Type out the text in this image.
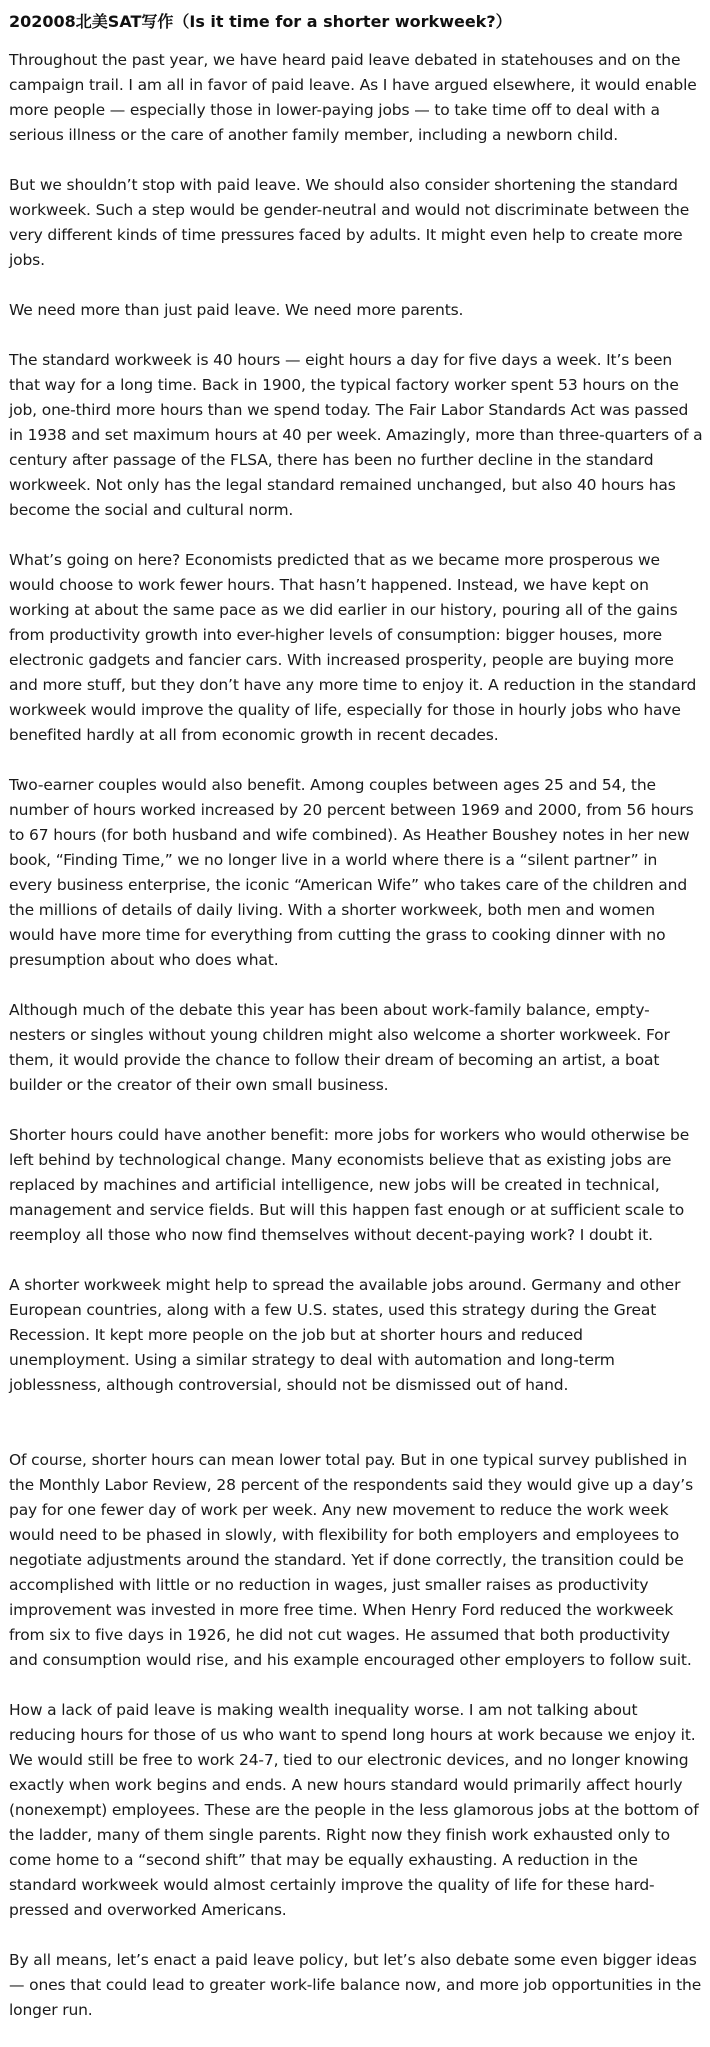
202008北美SAT写作（Is it time for a shorter workweek?）

Throughout the past year, we have heard paid leave debated in statehouses and on the campaign trail. I am all in favor of paid leave. As I have argued elsewhere, it would enable more people — especially those in lower-paying jobs — to take time off to deal with a serious illness or the care of another family member, including a newborn child.

But we shouldn’t stop with paid leave. We should also consider shortening the standard workweek. Such a step would be gender-neutral and would not discriminate between the very different kinds of time pressures faced by adults. It might even help to create more jobs.

We need more than just paid leave. We need more parents.

The standard workweek is 40 hours — eight hours a day for five days a week. It’s been that way for a long time. Back in 1900, the typical factory worker spent 53 hours on the job, one-third more hours than we spend today. The Fair Labor Standards Act was passed in 1938 and set maximum hours at 40 per week. Amazingly, more than three-quarters of a century after passage of the FLSA, there has been no further decline in the standard workweek. Not only has the legal standard remained unchanged, but also 40 hours has become the social and cultural norm.

What’s going on here? Economists predicted that as we became more prosperous we would choose to work fewer hours. That hasn’t happened. Instead, we have kept on working at about the same pace as we did earlier in our history, pouring all of the gains from productivity growth into ever-higher levels of consumption: bigger houses, more electronic gadgets and fancier cars. With increased prosperity, people are buying more and more stuff, but they don’t have any more time to enjoy it. A reduction in the standard workweek would improve the quality of life, especially for those in hourly jobs who have benefited hardly at all from economic growth in recent decades.

Two-earner couples would also benefit. Among couples between ages 25 and 54, the number of hours worked increased by 20 percent between 1969 and 2000, from 56 hours to 67 hours (for both husband and wife combined). As Heather Boushey notes in her new book, “Finding Time,” we no longer live in a world where there is a “silent partner” in every business enterprise, the iconic “American Wife” who takes care of the children and the millions of details of daily living. With a shorter workweek, both men and women would have more time for everything from cutting the grass to cooking dinner with no presumption about who does what.

Although much of the debate this year has been about work-family balance, empty-nesters or singles without young children might also welcome a shorter workweek. For them, it would provide the chance to follow their dream of becoming an artist, a boat builder or the creator of their own small business.

Shorter hours could have another benefit: more jobs for workers who would otherwise be left behind by technological change. Many economists believe that as existing jobs are replaced by machines and artificial intelligence, new jobs will be created in technical, management and service fields. But will this happen fast enough or at sufficient scale to reemploy all those who now find themselves without decent-paying work? I doubt it.

A shorter workweek might help to spread the available jobs around. Germany and other European countries, along with a few U.S. states, used this strategy during the Great Recession. It kept more people on the job but at shorter hours and reduced unemployment. Using a similar strategy to deal with automation and long-term joblessness, although controversial, should not be dismissed out of hand.

Of course, shorter hours can mean lower total pay. But in one typical survey published in the Monthly Labor Review, 28 percent of the respondents said they would give up a day’s pay for one fewer day of work per week. Any new movement to reduce the work week would need to be phased in slowly, with flexibility for both employers and employees to negotiate adjustments around the standard. Yet if done correctly, the transition could be accomplished with little or no reduction in wages, just smaller raises as productivity improvement was invested in more free time. When Henry Ford reduced the workweek from six to five days in 1926, he did not cut wages. He assumed that both productivity and consumption would rise, and his example encouraged other employers to follow suit.

How a lack of paid leave is making wealth inequality worse. I am not talking about reducing hours for those of us who want to spend long hours at work because we enjoy it. We would still be free to work 24-7, tied to our electronic devices, and no longer knowing exactly when work begins and ends. A new hours standard would primarily affect hourly (nonexempt) employees. These are the people in the less glamorous jobs at the bottom of the ladder, many of them single parents. Right now they finish work exhausted only to come home to a “second shift” that may be equally exhausting. A reduction in the standard workweek would almost certainly improve the quality of life for these hard-pressed and overworked Americans.

By all means, let’s enact a paid leave policy, but let’s also debate some even bigger ideas — ones that could lead to greater work-life balance now, and more job opportunities in the longer run.
